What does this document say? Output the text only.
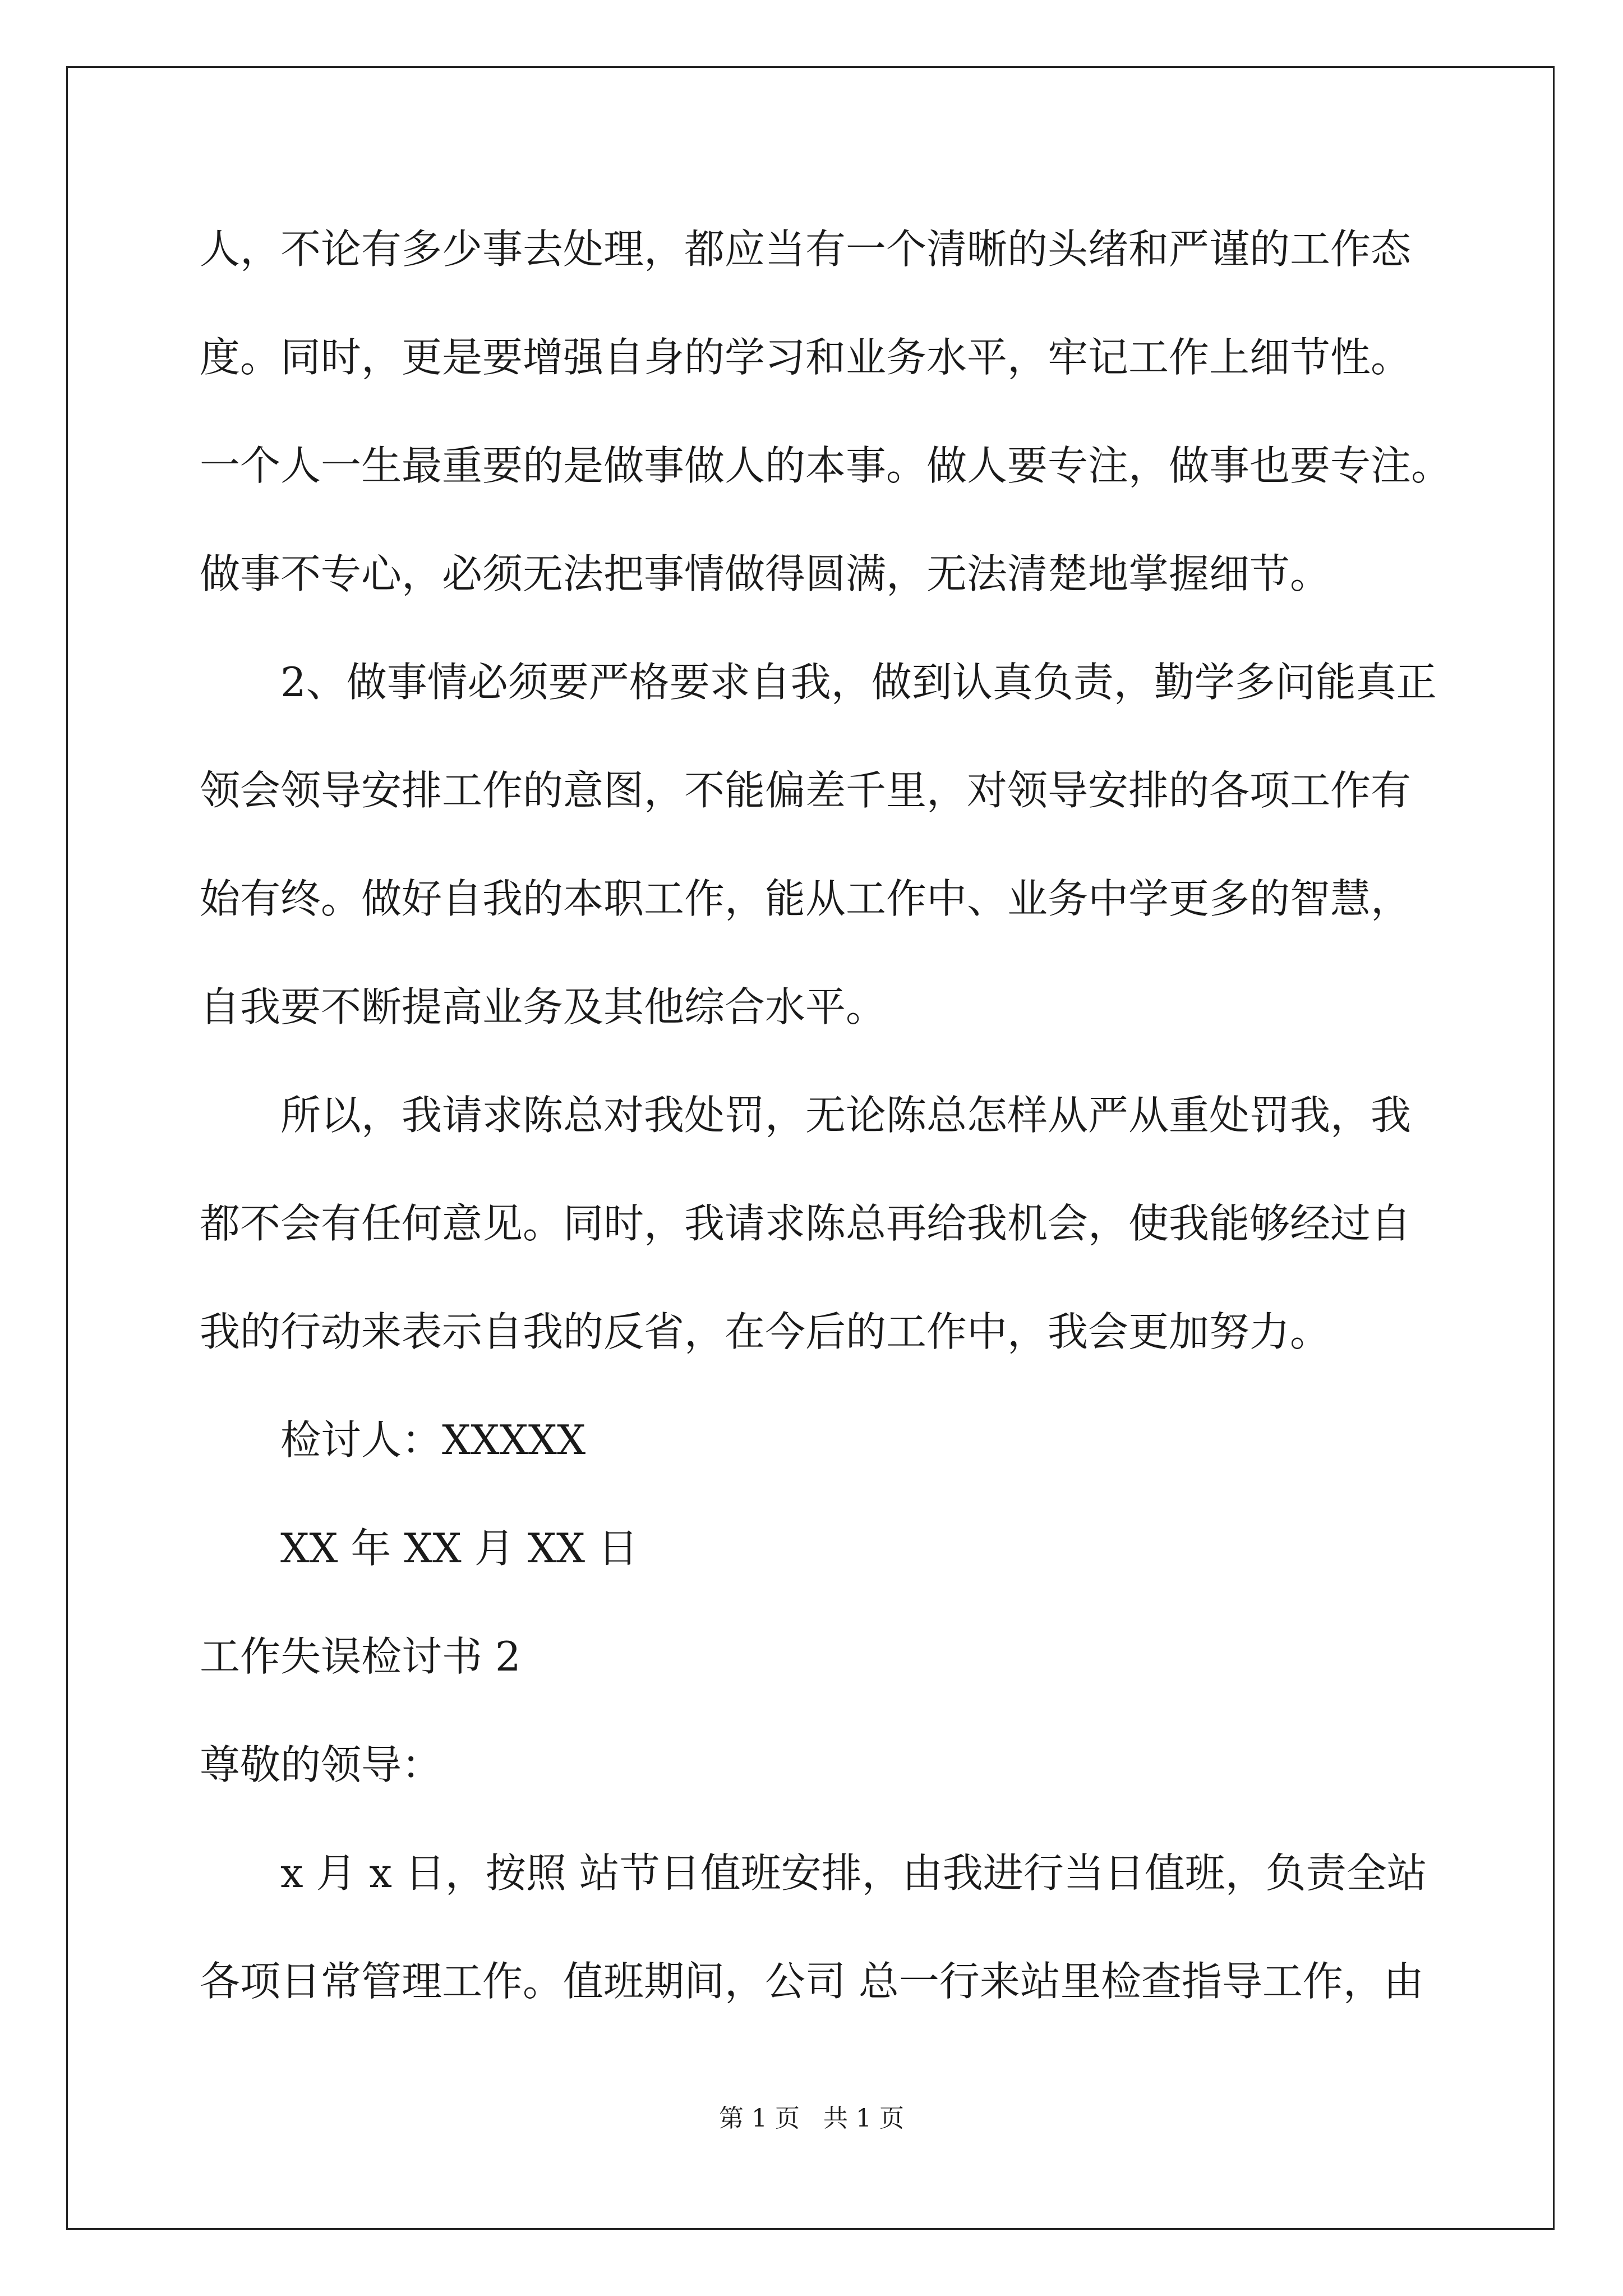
人，不论有多少事去处理，都应当有一个清晰的头绪和严谨的工作态
度。同时，更是要增强自身的学习和业务水平，牢记工作上细节性。
一个人一生最重要的是做事做人的本事。做人要专注，做事也要专注。
做事不专心，必须无法把事情做得圆满，无法清楚地掌握细节。
2、做事情必须要严格要求自我，做到认真负责，勤学多问能真正
领会领导安排工作的意图，不能偏差千里，对领导安排的各项工作有
始有终。做好自我的本职工作，能从工作中、业务中学更多的智慧，
自我要不断提高业务及其他综合水平。
所以，我请求陈总对我处罚，无论陈总怎样从严从重处罚我，我
都不会有任何意见。同时，我请求陈总再给我机会，使我能够经过自
我的行动来表示自我的反省，在今后的工作中，我会更加努力。
检讨人：XXXXX
XX 年 XX 月 XX 日
工作失误检讨书 2
尊敬的领导：
x 月 x 日，按照 站节日值班安排，由我进行当日值班，负责全站
各项日常管理工作。值班期间，公司 总一行来站里检查指导工作，由
第 1 页   共 1 页
